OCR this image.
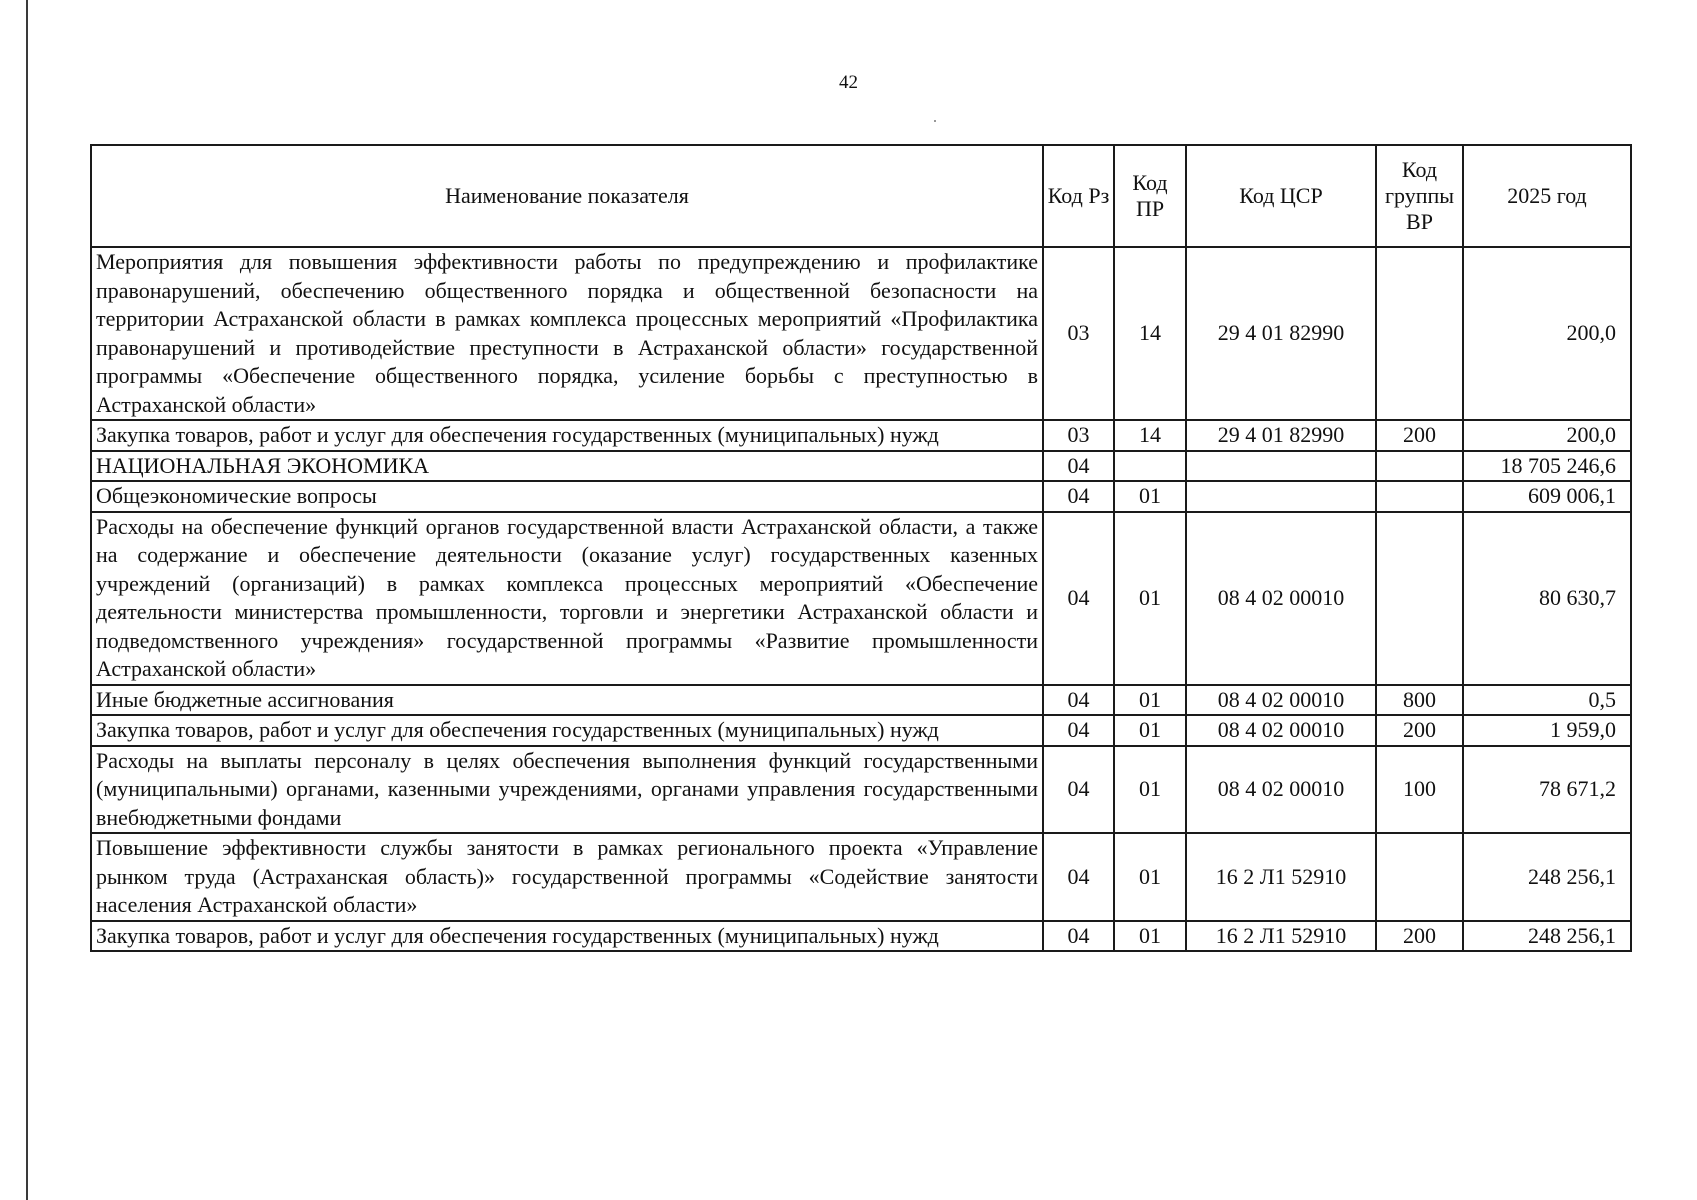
42
Наименование показателя	Код Рз	Код ПР	Код ЦСР	Код группы ВР	2025 год
Мероприятия для повышения эффективности работы по предупреждению и профилактике правонарушений, обеспечению общественного порядка и общественной безопасности на территории Астраханской области в рамках комплекса процессных мероприятий «Профилактика правонарушений и противодействие преступности в Астраханской области» государственной программы «Обеспечение общественного порядка, усиление борьбы с преступностью в Астраханской области»	03	14	29 4 01 82990		200,0
Закупка товаров, работ и услуг для обеспечения государственных (муниципальных) нужд	03	14	29 4 01 82990	200	200,0
НАЦИОНАЛЬНАЯ ЭКОНОМИКА	04				18 705 246,6
Общеэкономические вопросы	04	01			609 006,1
Расходы на обеспечение функций органов государственной власти Астраханской области, а также на содержание и обеспечение деятельности (оказание услуг) государственных казенных учреждений (организаций) в рамках комплекса процессных мероприятий «Обеспечение деятельности министерства промышленности, торговли и энергетики Астраханской области и подведомственного учреждения» государственной программы «Развитие промышленности Астраханской области»	04	01	08 4 02 00010		80 630,7
Иные бюджетные ассигнования	04	01	08 4 02 00010	800	0,5
Закупка товаров, работ и услуг для обеспечения государственных (муниципальных) нужд	04	01	08 4 02 00010	200	1 959,0
Расходы на выплаты персоналу в целях обеспечения выполнения функций государственными (муниципальными) органами, казенными учреждениями, органами управления государственными внебюджетными фондами	04	01	08 4 02 00010	100	78 671,2
Повышение эффективности службы занятости в рамках регионального проекта «Управление рынком труда (Астраханская область)» государственной программы «Содействие занятости населения Астраханской области»	04	01	16 2 Л1 52910		248 256,1
Закупка товаров, работ и услуг для обеспечения государственных (муниципальных) нужд	04	01	16 2 Л1 52910	200	248 256,1
